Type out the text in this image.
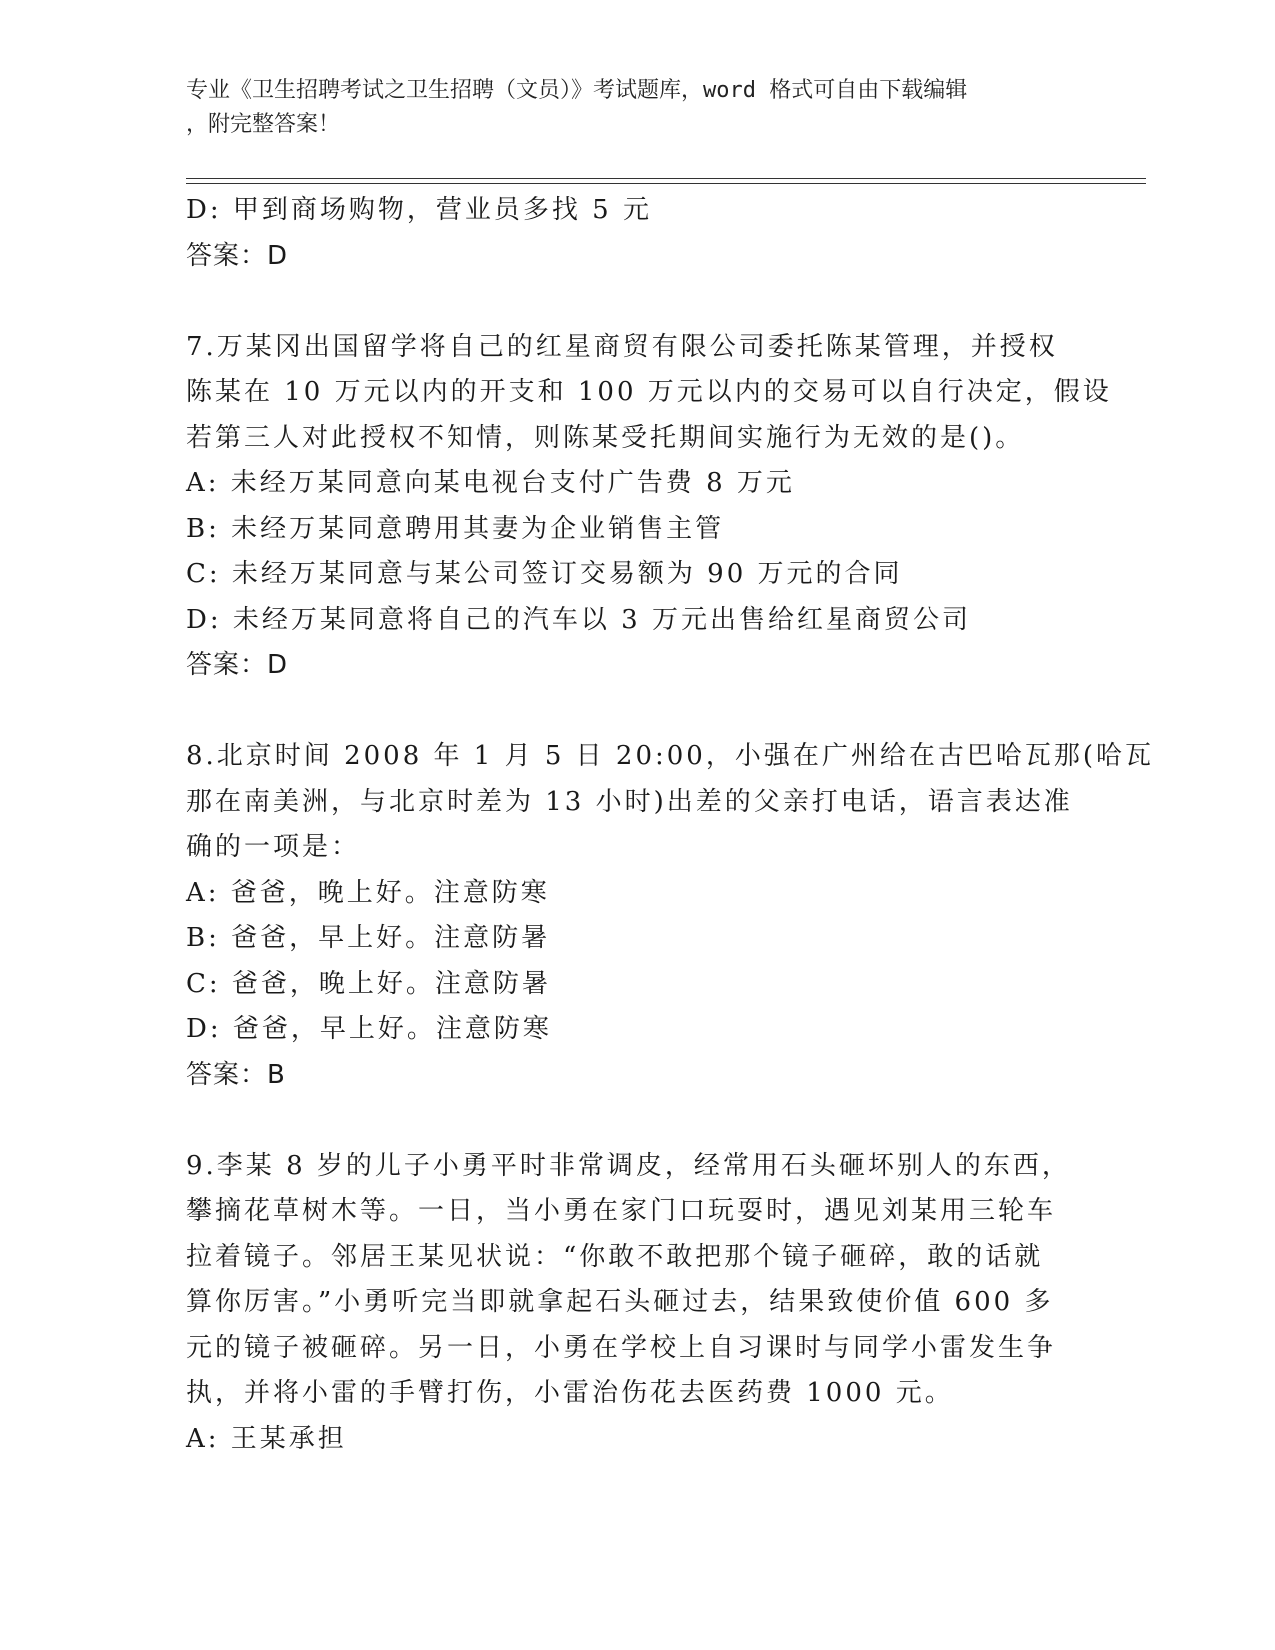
专业《卫生招聘考试之卫生招聘（文员）》考试题库，word 格式可自由下载编辑
，附完整答案！
D: 甲到商场购物，营业员多找 5 元
答案：D
7.万某冈出国留学将自己的红星商贸有限公司委托陈某管理，并授权
陈某在 10 万元以内的开支和 100 万元以内的交易可以自行决定，假设
若第三人对此授权不知情，则陈某受托期间实施行为无效的是()。
A: 未经万某同意向某电视台支付广告费 8 万元
B: 未经万某同意聘用其妻为企业销售主管
C: 未经万某同意与某公司签订交易额为 90 万元的合同
D: 未经万某同意将自己的汽车以 3 万元出售给红星商贸公司
答案：D
8.北京时间 2008 年 1 月 5 日 20:00，小强在广州给在古巴哈瓦那(哈瓦
那在南美洲，与北京时差为 13 小时)出差的父亲打电话，语言表达准
确的一项是：
A: 爸爸，晚上好。注意防寒
B: 爸爸，早上好。注意防暑
C: 爸爸，晚上好。注意防暑
D: 爸爸，早上好。注意防寒
答案：B
9.李某 8 岁的儿子小勇平时非常调皮，经常用石头砸坏别人的东西，
攀摘花草树木等。一日，当小勇在家门口玩耍时，遇见刘某用三轮车
拉着镜子。邻居王某见状说：“你敢不敢把那个镜子砸碎，敢的话就
算你厉害。”小勇听完当即就拿起石头砸过去，结果致使价值 600 多
元的镜子被砸碎。另一日，小勇在学校上自习课时与同学小雷发生争
执，并将小雷的手臂打伤，小雷治伤花去医药费 1000 元。
A: 王某承担
